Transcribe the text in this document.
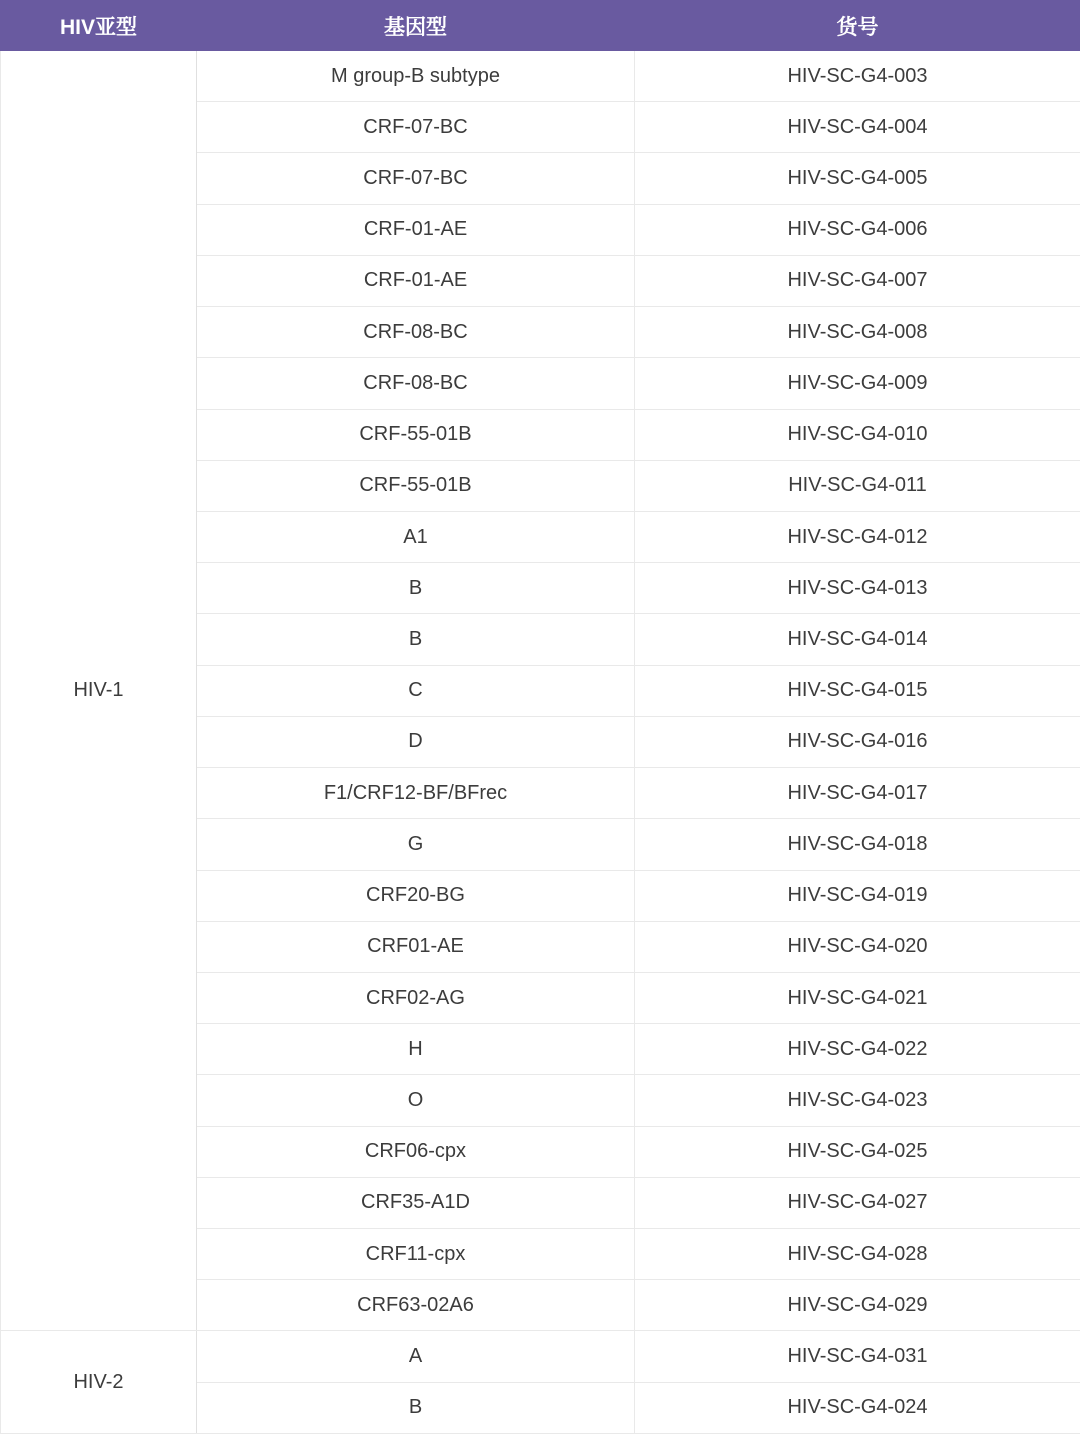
HIV亚型	基因型	货号
HIV-1	M group-B subtype	HIV-SC-G4-003
	CRF-07-BC	HIV-SC-G4-004
	CRF-07-BC	HIV-SC-G4-005
	CRF-01-AE	HIV-SC-G4-006
	CRF-01-AE	HIV-SC-G4-007
	CRF-08-BC	HIV-SC-G4-008
	CRF-08-BC	HIV-SC-G4-009
	CRF-55-01B	HIV-SC-G4-010
	CRF-55-01B	HIV-SC-G4-011
	A1	HIV-SC-G4-012
	B	HIV-SC-G4-013
	B	HIV-SC-G4-014
	C	HIV-SC-G4-015
	D	HIV-SC-G4-016
	F1/CRF12-BF/BFrec	HIV-SC-G4-017
	G	HIV-SC-G4-018
	CRF20-BG	HIV-SC-G4-019
	CRF01-AE	HIV-SC-G4-020
	CRF02-AG	HIV-SC-G4-021
	H	HIV-SC-G4-022
	O	HIV-SC-G4-023
	CRF06-cpx	HIV-SC-G4-025
	CRF35-A1D	HIV-SC-G4-027
	CRF11-cpx	HIV-SC-G4-028
	CRF63-02A6	HIV-SC-G4-029
HIV-2	A	HIV-SC-G4-031
	B	HIV-SC-G4-024
